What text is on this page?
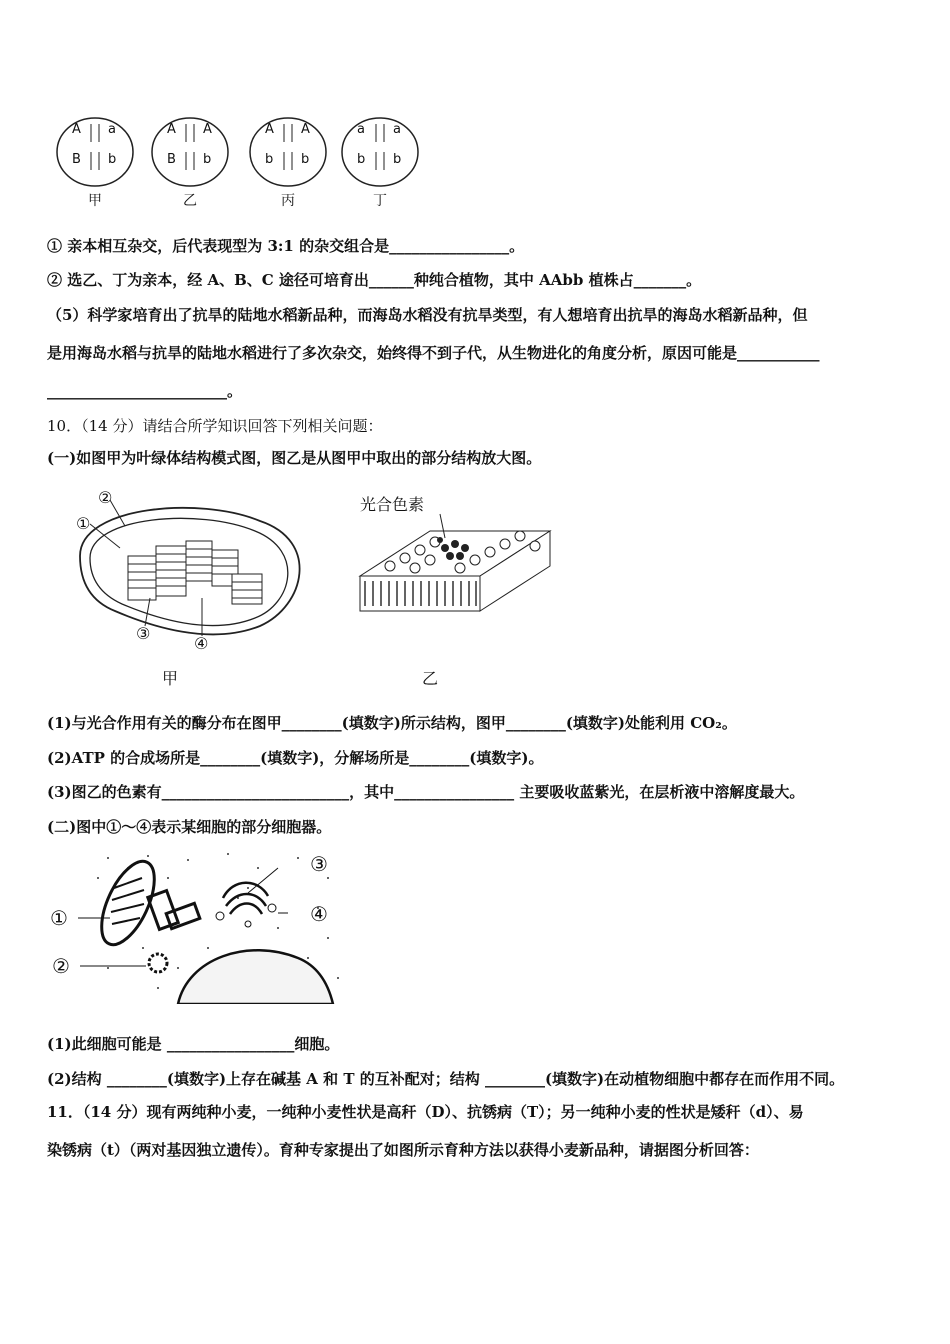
A a
B b
A A
B b
A A
b b
a a
b b
甲	乙	丙	丁
① 亲本相互杂交，后代表现型为 3:1 的杂交组合是________________。
② 选乙、丁为亲本，经 A、B、C 途径可培育出______种纯合植物，其中 AAbb 植株占_______。
（5）科学家培育出了抗旱的陆地水稻新品种，而海岛水稻没有抗旱类型，有人想培育出抗旱的海岛水稻新品种，但
是用海岛水稻与抗旱的陆地水稻进行了多次杂交，始终得不到子代，从生物进化的角度分析，原因可能是___________
________________________。
10．（14 分）请结合所学知识回答下列相关问题：
(一)如图甲为叶绿体结构模式图，图乙是从图甲中取出的部分结构放大图。
②
①
③
④
光合色素
甲	乙
(1)与光合作用有关的酶分布在图甲________(填数字)所示结构，图甲________(填数字)处能利用 CO₂。
(2)ATP 的合成场所是________(填数字)，分解场所是________(填数字)。
(3)图乙的色素有_________________________，其中________________ 主要吸收蓝紫光，在层析液中溶解度最大。
(二)图中①～④表示某细胞的部分细胞器。
①
②
③
④
(1)此细胞可能是 _________________细胞。
(2)结构 ________(填数字)上存在碱基 A 和 T 的互补配对；结构 ________(填数字)在动植物细胞中都存在而作用不同。
11．（14 分）现有两纯种小麦，一纯种小麦性状是高秆（D）、抗锈病（T）；另一纯种小麦的性状是矮秆（d）、易
染锈病（t）（两对基因独立遗传）。育种专家提出了如图所示育种方法以获得小麦新品种，请据图分析回答：
